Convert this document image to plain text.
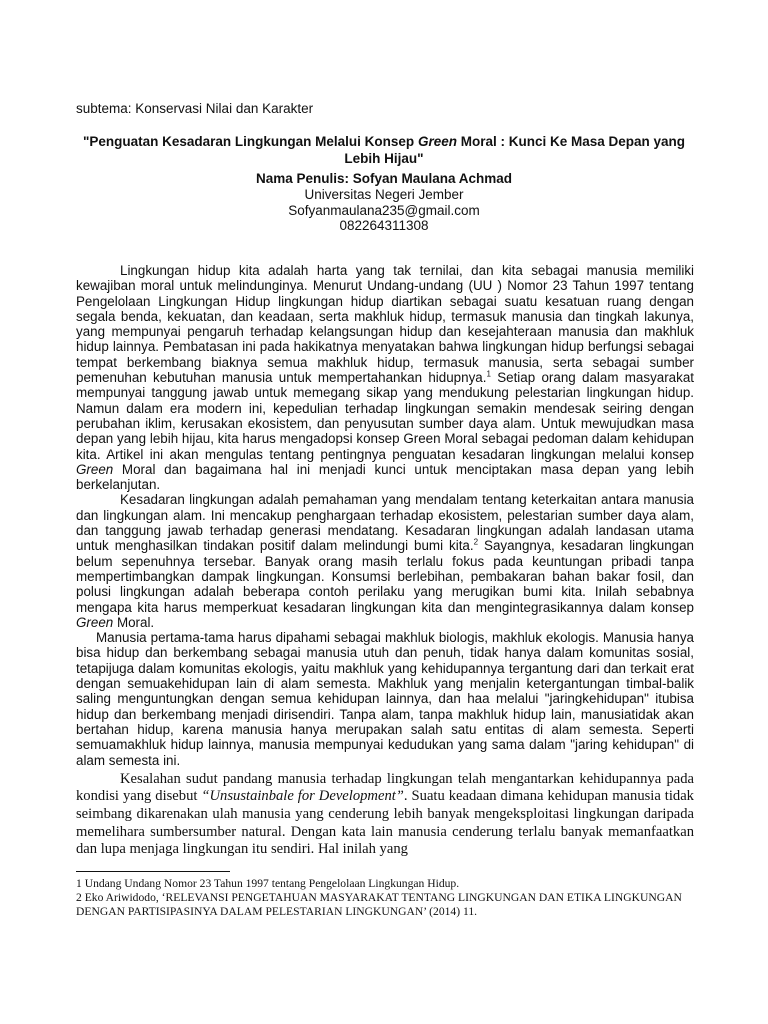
subtema: Konservasi Nilai dan Karakter
"Penguatan Kesadaran Lingkungan Melalui Konsep Green Moral : Kunci Ke Masa Depan yang Lebih Hijau"
Nama Penulis: Sofyan Maulana Achmad
Universitas Negeri Jember
Sofyanmaulana235@gmail.com
082264311308

Lingkungan hidup kita adalah harta yang tak ternilai, dan kita sebagai manusia memiliki kewajiban moral untuk melindunginya. Menurut Undang-undang (UU ) Nomor 23 Tahun 1997 tentang Pengelolaan Lingkungan Hidup lingkungan hidup diartikan sebagai suatu kesatuan ruang dengan segala benda, kekuatan, dan keadaan, serta makhluk hidup, termasuk manusia dan tingkah lakunya, yang mempunyai pengaruh terhadap kelangsungan hidup dan kesejahteraan manusia dan makhluk hidup lainnya. Pembatasan ini pada hakikatnya menyatakan bahwa lingkungan hidup berfungsi sebagai tempat berkembang biaknya semua makhluk hidup, termasuk manusia, serta sebagai sumber pemenuhan kebutuhan manusia untuk mempertahankan hidupnya.$^1$ Setiap orang dalam masyarakat mempunyai tanggung jawab untuk memegang sikap yang mendukung pelestarian lingkungan hidup. Namun dalam era modern ini, kepedulian terhadap lingkungan semakin mendesak seiring dengan perubahan iklim, kerusakan ekosistem, dan penyusutan sumber daya alam. Untuk mewujudkan masa depan yang lebih hijau, kita harus mengadopsi konsep Green Moral sebagai pedoman dalam kehidupan kita. Artikel ini akan mengulas tentang pentingnya penguatan kesadaran lingkungan melalui konsep Green Moral dan bagaimana hal ini menjadi kunci untuk menciptakan masa depan yang lebih berkelanjutan.

Kesadaran lingkungan adalah pemahaman yang mendalam tentang keterkaitan antara manusia dan lingkungan alam. Ini mencakup penghargaan terhadap ekosistem, pelestarian sumber daya alam, dan tanggung jawab terhadap generasi mendatang. Kesadaran lingkungan adalah landasan utama untuk menghasilkan tindakan positif dalam melindungi bumi kita.$^2$ Sayangnya, kesadaran lingkungan belum sepenuhnya tersebar. Banyak orang masih terlalu fokus pada keuntungan pribadi tanpa mempertimbangkan dampak lingkungan. Konsumsi berlebihan, pembakaran bahan bakar fosil, dan polusi lingkungan adalah beberapa contoh perilaku yang merugikan bumi kita. Inilah sebabnya mengapa kita harus memperkuat kesadaran lingkungan kita dan mengintegrasikannya dalam konsep Green Moral.

Manusia pertama-tama harus dipahami sebagai makhluk biologis, makhluk ekologis. Manusia hanya bisa hidup dan berkembang sebagai manusia utuh dan penuh, tidak hanya dalam komunitas sosial, tetapijuga dalam komunitas ekologis, yaitu makhluk yang kehidupannya tergantung dari dan terkait erat dengan semuakehidupan lain di alam semesta. Makhluk yang menjalin ketergantungan timbal-balik saling menguntungkan dengan semua kehidupan lainnya, dan haa melalui "jaringkehidupan" itubisa hidup dan berkembang menjadi dirisendiri. Tanpa alam, tanpa makhluk hidup lain, manusiatidak akan bertahan hidup, karena manusia hanya merupakan salah satu entitas di alam semesta. Seperti semuamakhluk hidup lainnya, manusia mempunyai kedudukan yang sama dalam "jaring kehidupan" di alam semesta ini.

Kesalahan sudut pandang manusia terhadap lingkungan telah mengantarkan kehidupannya pada kondisi yang disebut “Unsustainbale for Development”. Suatu keadaan dimana kehidupan manusia tidak seimbang dikarenakan ulah manusia yang cenderung lebih banyak mengeksploitasi lingkungan daripada memelihara sumbersumber natural. Dengan kata lain manusia cenderung terlalu banyak memanfaatkan dan lupa menjaga lingkungan itu sendiri. Hal inilah yang

1 Undang Undang Nomor 23 Tahun 1997 tentang Pengelolaan Lingkungan Hidup.

2 Eko Ariwidodo, ‘RELEVANSI PENGETAHUAN MASYARAKAT TENTANG LINGKUNGAN DAN ETIKA LINGKUNGAN DENGAN PARTISIPASINYA DALAM PELESTARIAN LINGKUNGAN’ (2014) 11.
